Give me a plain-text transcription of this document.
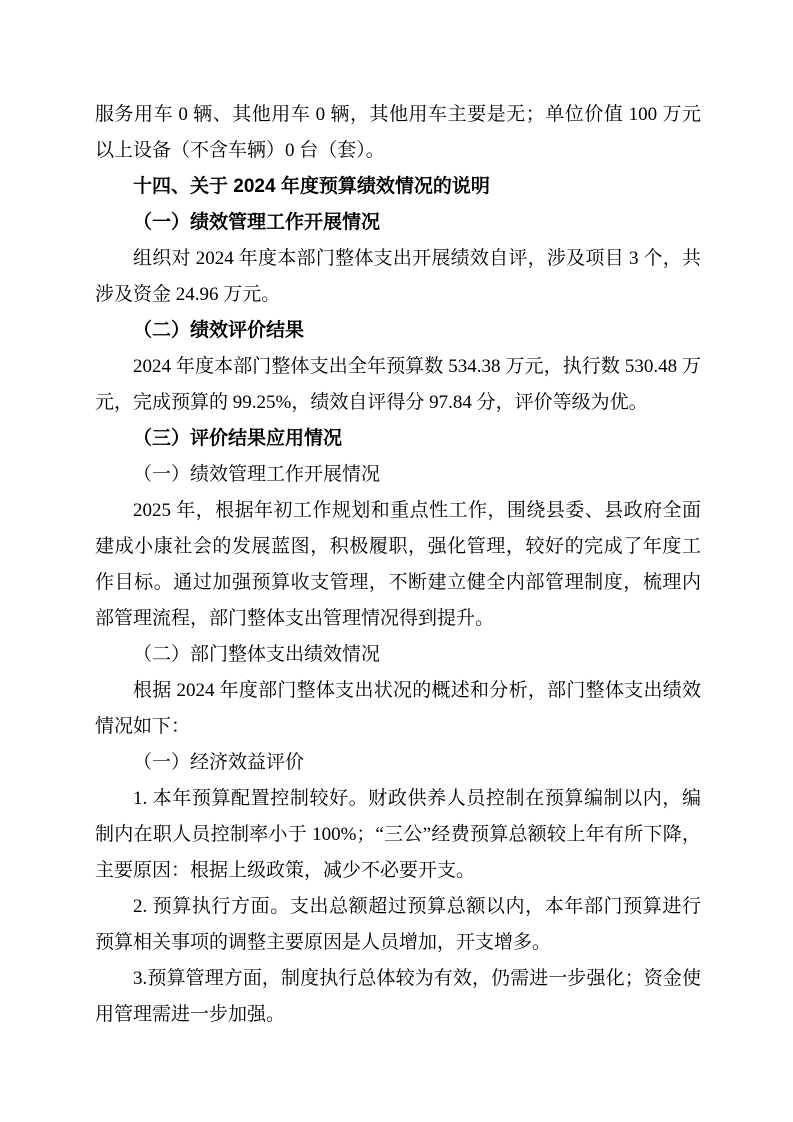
服务用车 0 辆、其他用车 0 辆，其他用车主要是无；单位价值 100 万元以上设备（不含车辆）0 台（套）。

十四、关于 2024 年度预算绩效情况的说明
（一）绩效管理工作开展情况

组织对 2024 年度本部门整体支出开展绩效自评，涉及项目 3 个，共涉及资金 24.96 万元。

（二）绩效评价结果

2024 年度本部门整体支出全年预算数 534.38 万元，执行数 530.48 万元，完成预算的 99.25%，绩效自评得分 97.84 分，评价等级为优。

（三）评价结果应用情况

（一）绩效管理工作开展情况

2025 年，根据年初工作规划和重点性工作，围绕县委、县政府全面建成小康社会的发展蓝图，积极履职，强化管理，较好的完成了年度工作目标。通过加强预算收支管理，不断建立健全内部管理制度，梳理内部管理流程，部门整体支出管理情况得到提升。

（二）部门整体支出绩效情况

根据 2024 年度部门整体支出状况的概述和分析，部门整体支出绩效情况如下：

（一）经济效益评价

1. 本年预算配置控制较好。财政供养人员控制在预算编制以内，编制内在职人员控制率小于 100%；“三公”经费预算总额较上年有所下降，主要原因：根据上级政策，减少不必要开支。

2. 预算执行方面。支出总额超过预算总额以内，本年部门预算进行预算相关事项的调整主要原因是人员增加，开支增多。

3.预算管理方面，制度执行总体较为有效，仍需进一步强化；资金使用管理需进一步加强。
